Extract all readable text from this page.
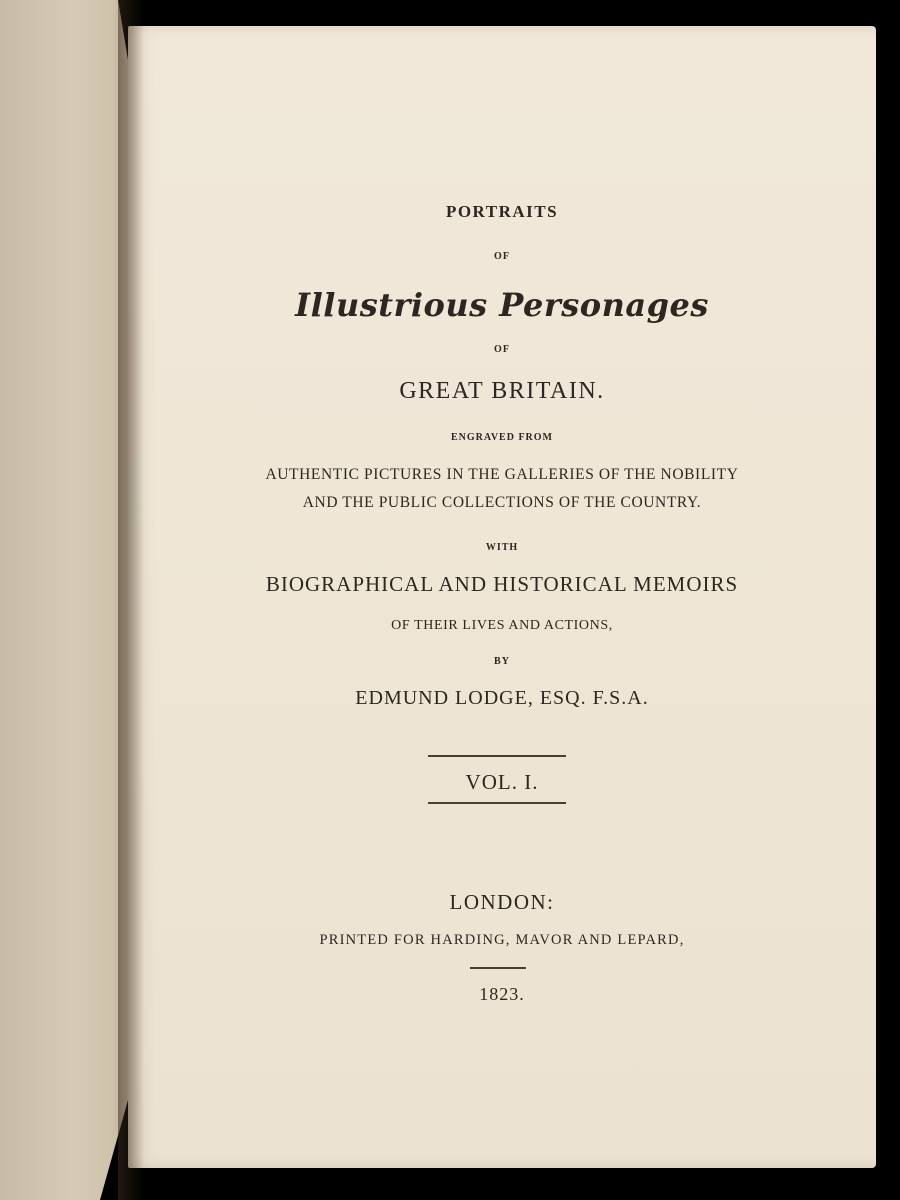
PORTRAITS
OF
Illustrious Personages
OF
GREAT BRITAIN.
ENGRAVED FROM
AUTHENTIC PICTURES IN THE GALLERIES OF THE NOBILITY
AND THE PUBLIC COLLECTIONS OF THE COUNTRY.
WITH
BIOGRAPHICAL AND HISTORICAL MEMOIRS
OF THEIR LIVES AND ACTIONS,
BY
EDMUND LODGE, ESQ. F.S.A.
VOL. I.
LONDON:
PRINTED FOR HARDING, MAVOR AND LEPARD,
1823.
